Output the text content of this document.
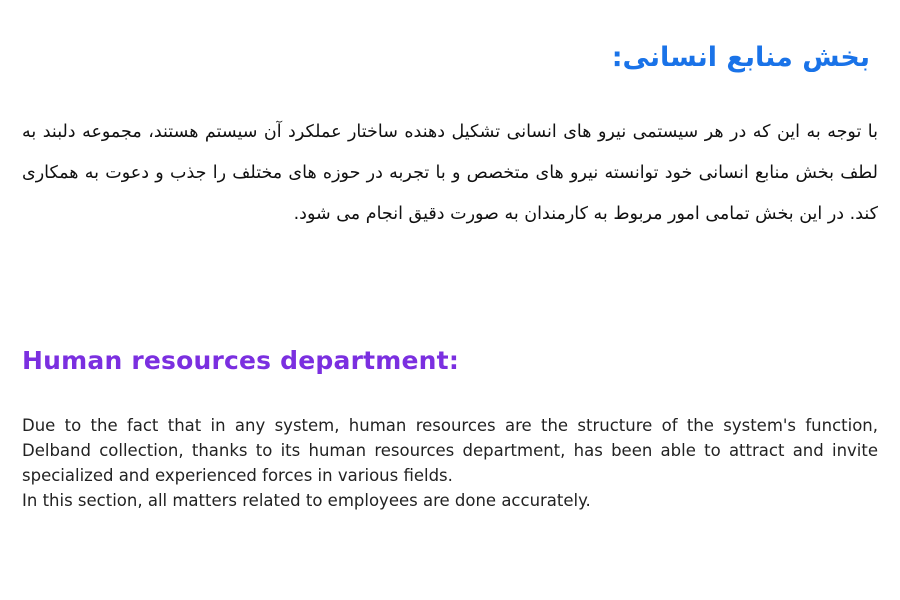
بخش منابع انسانی:

با توجه به این که در هر سیستمی نیرو های انسانی تشکیل دهنده ساختار عملکرد آن سیستم هستند، مجموعه دلبند به لطف بخش منابع انسانی خود توانسته نیرو های متخصص و با تجربه در حوزه های مختلف را جذب و دعوت به همکاری کند. در این بخش تمامی امور مربوط به کارمندان به صورت دقیق انجام می شود.

Human resources department:
Due to the fact that in any system, human resources are the structure of the system's function, Delband collection, thanks to its human resources department, has been able to attract and invite specialized and experienced forces in various fields.
In this section, all matters related to employees are done accurately.
